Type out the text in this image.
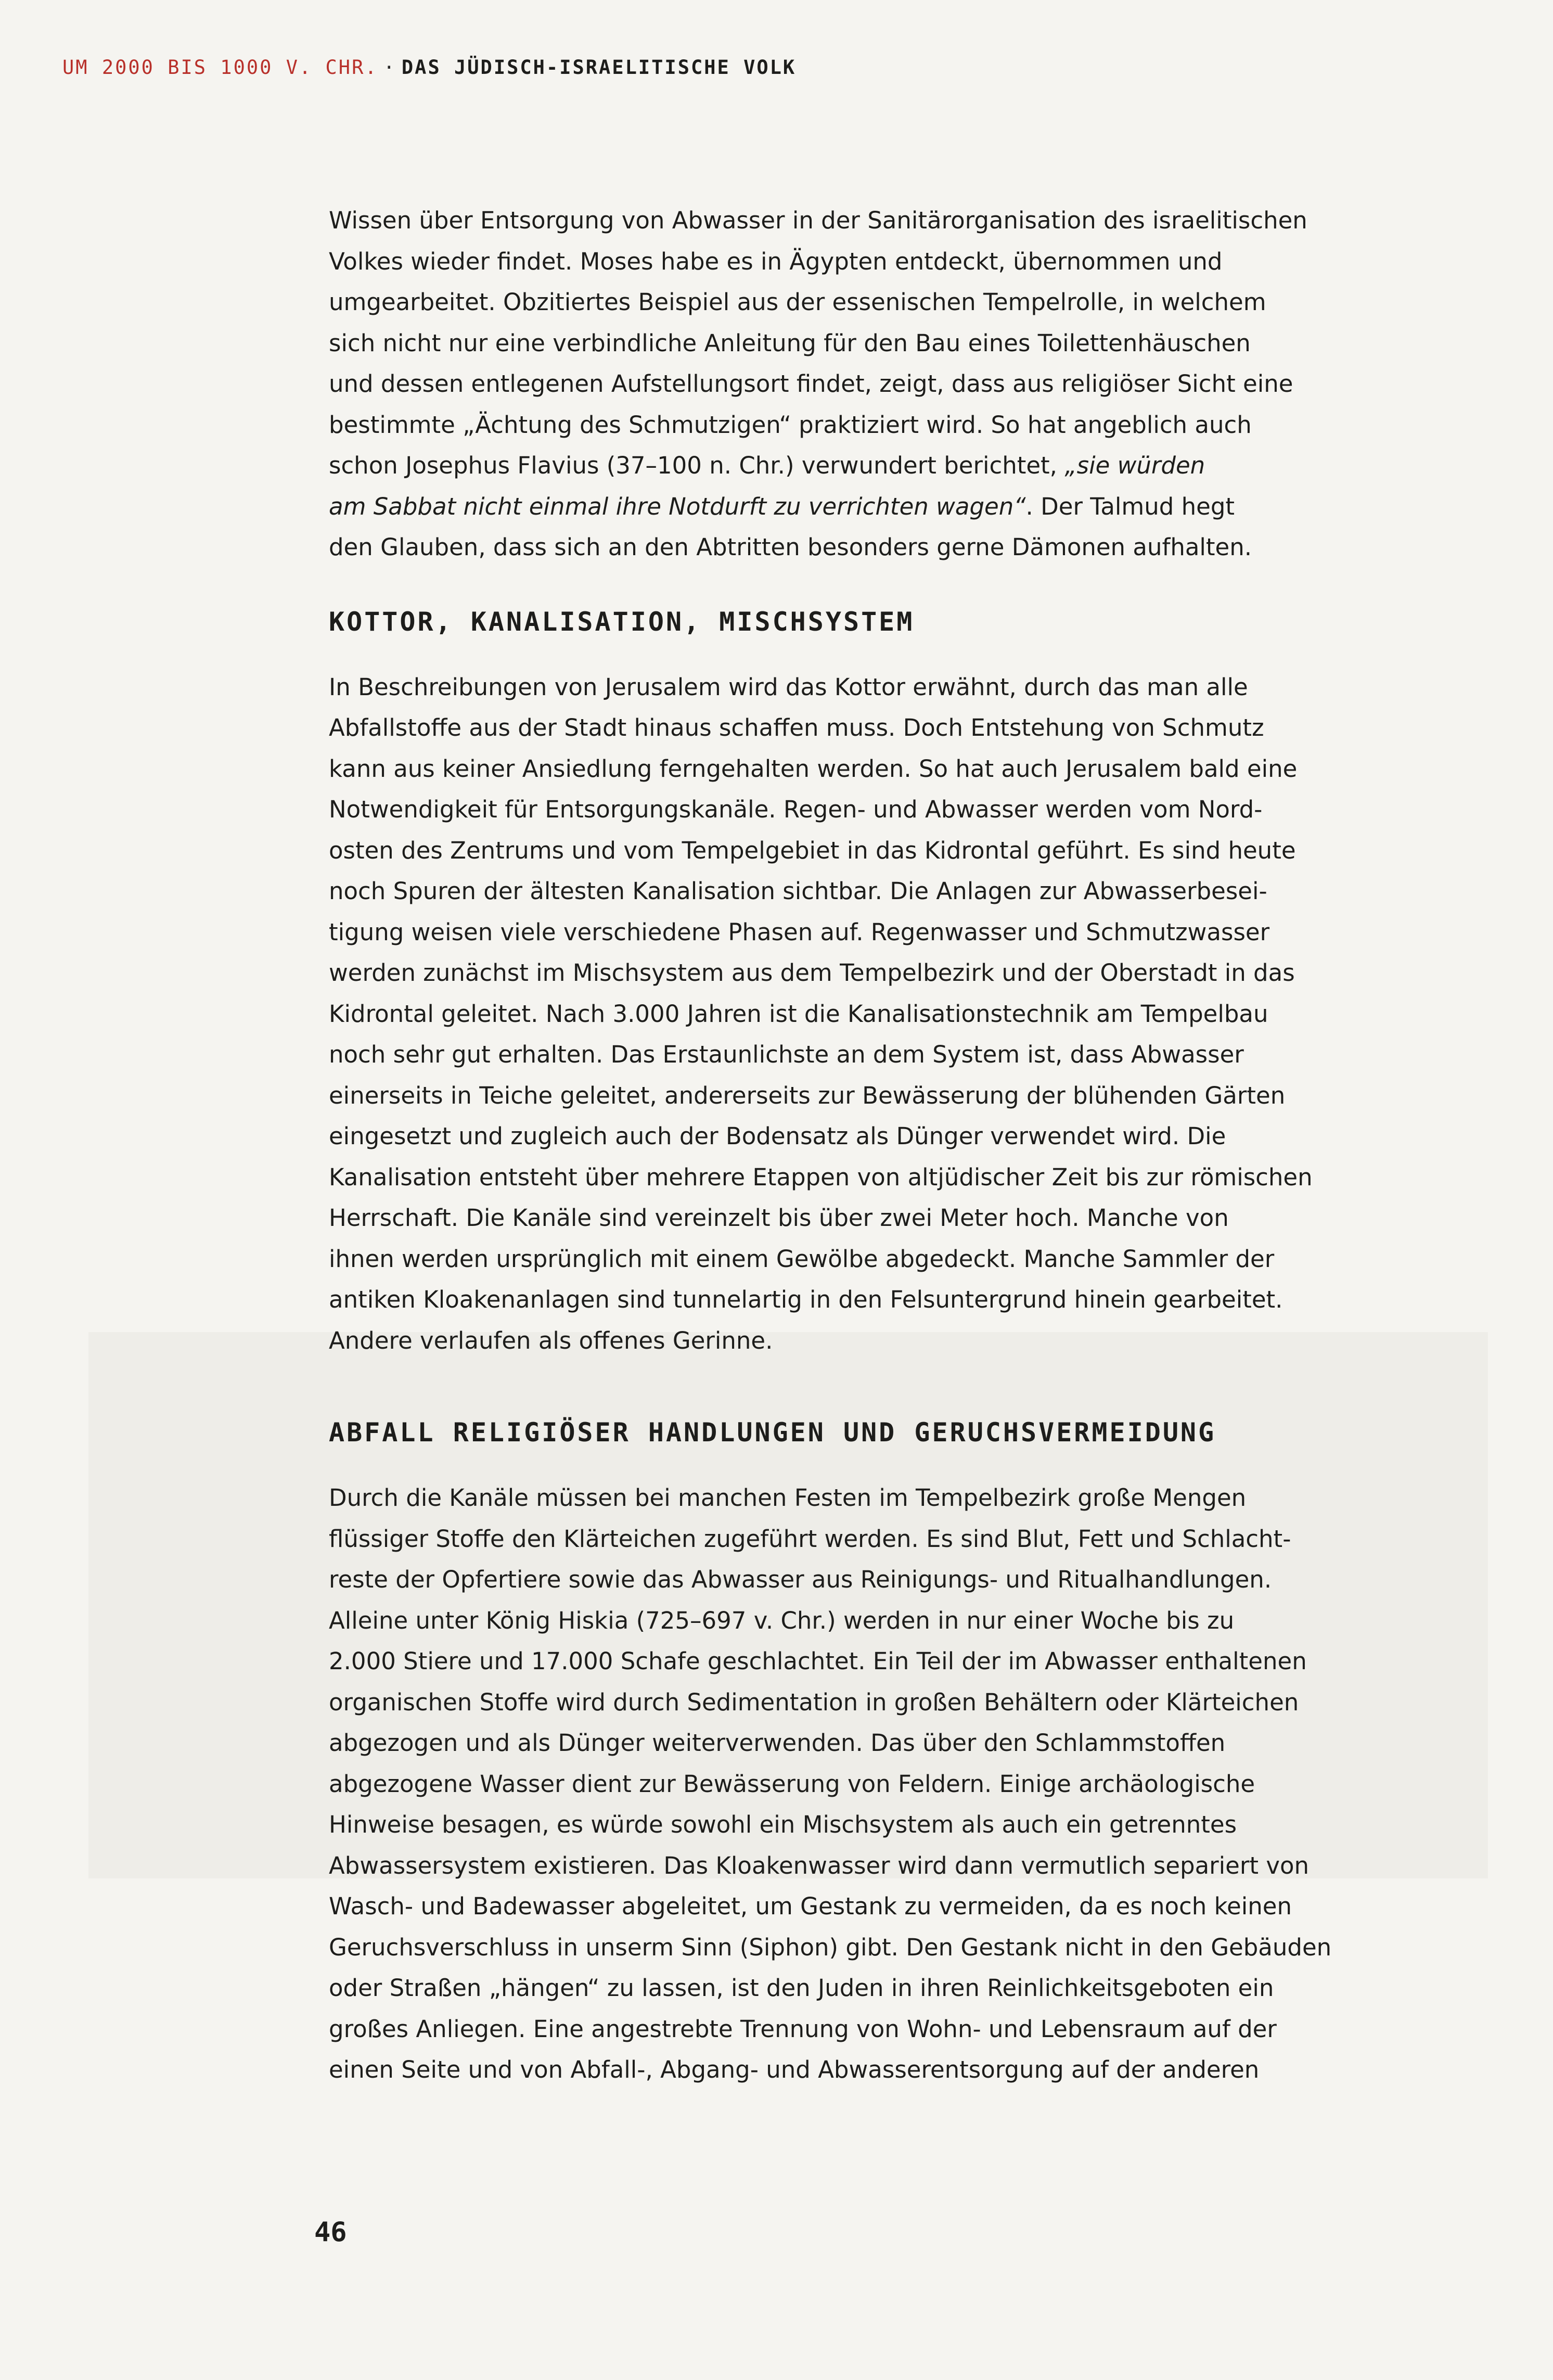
UM 2000 BIS 1000 V. CHR. · DAS JÜDISCH-ISRAELITISCHE VOLK

Wissen über Entsorgung von Abwasser in der Sanitärorganisation des israelitischen
Volkes wieder findet. Moses habe es in Ägypten entdeckt, übernommen und
umgearbeitet. Obzitiertes Beispiel aus der essenischen Tempelrolle, in welchem
sich nicht nur eine verbindliche Anleitung für den Bau eines Toilettenhäuschen
und dessen entlegenen Aufstellungsort findet, zeigt, dass aus religiöser Sicht eine
bestimmte „Ächtung des Schmutzigen“ praktiziert wird. So hat angeblich auch
schon Josephus Flavius (37–100 n. Chr.) verwundert berichtet, „sie würden
am Sabbat nicht einmal ihre Notdurft zu verrichten wagen“. Der Talmud hegt
den Glauben, dass sich an den Abtritten besonders gerne Dämonen aufhalten.

KOTTOR, KANALISATION, MISCHSYSTEM

In Beschreibungen von Jerusalem wird das Kottor erwähnt, durch das man alle
Abfallstoffe aus der Stadt hinaus schaffen muss. Doch Entstehung von Schmutz
kann aus keiner Ansiedlung ferngehalten werden. So hat auch Jerusalem bald eine
Notwendigkeit für Entsorgungskanäle. Regen- und Abwasser werden vom Nord-
osten des Zentrums und vom Tempelgebiet in das Kidrontal geführt. Es sind heute
noch Spuren der ältesten Kanalisation sichtbar. Die Anlagen zur Abwasserbesei-
tigung weisen viele verschiedene Phasen auf. Regenwasser und Schmutzwasser
werden zunächst im Mischsystem aus dem Tempelbezirk und der Oberstadt in das
Kidrontal geleitet. Nach 3.000 Jahren ist die Kanalisationstechnik am Tempelbau
noch sehr gut erhalten. Das Erstaunlichste an dem System ist, dass Abwasser
einerseits in Teiche geleitet, andererseits zur Bewässerung der blühenden Gärten
eingesetzt und zugleich auch der Bodensatz als Dünger verwendet wird. Die
Kanalisation entsteht über mehrere Etappen von altjüdischer Zeit bis zur römischen
Herrschaft. Die Kanäle sind vereinzelt bis über zwei Meter hoch. Manche von
ihnen werden ursprünglich mit einem Gewölbe abgedeckt. Manche Sammler der
antiken Kloakenanlagen sind tunnelartig in den Felsuntergrund hinein gearbeitet.
Andere verlaufen als offenes Gerinne.

ABFALL RELIGIÖSER HANDLUNGEN UND GERUCHSVERMEIDUNG

Durch die Kanäle müssen bei manchen Festen im Tempelbezirk große Mengen
flüssiger Stoffe den Klärteichen zugeführt werden. Es sind Blut, Fett und Schlacht-
reste der Opfertiere sowie das Abwasser aus Reinigungs- und Ritualhandlungen.
Alleine unter König Hiskia (725–697 v. Chr.) werden in nur einer Woche bis zu
2.000 Stiere und 17.000 Schafe geschlachtet. Ein Teil der im Abwasser enthaltenen
organischen Stoffe wird durch Sedimentation in großen Behältern oder Klärteichen
abgezogen und als Dünger weiterverwenden. Das über den Schlammstoffen
abgezogene Wasser dient zur Bewässerung von Feldern. Einige archäologische
Hinweise besagen, es würde sowohl ein Mischsystem als auch ein getrenntes
Abwassersystem existieren. Das Kloakenwasser wird dann vermutlich separiert von
Wasch- und Badewasser abgeleitet, um Gestank zu vermeiden, da es noch keinen
Geruchsverschluss in unserm Sinn (Siphon) gibt. Den Gestank nicht in den Gebäuden
oder Straßen „hängen“ zu lassen, ist den Juden in ihren Reinlichkeitsgeboten ein
großes Anliegen. Eine angestrebte Trennung von Wohn- und Lebensraum auf der
einen Seite und von Abfall-, Abgang- und Abwasserentsorgung auf der anderen

46
